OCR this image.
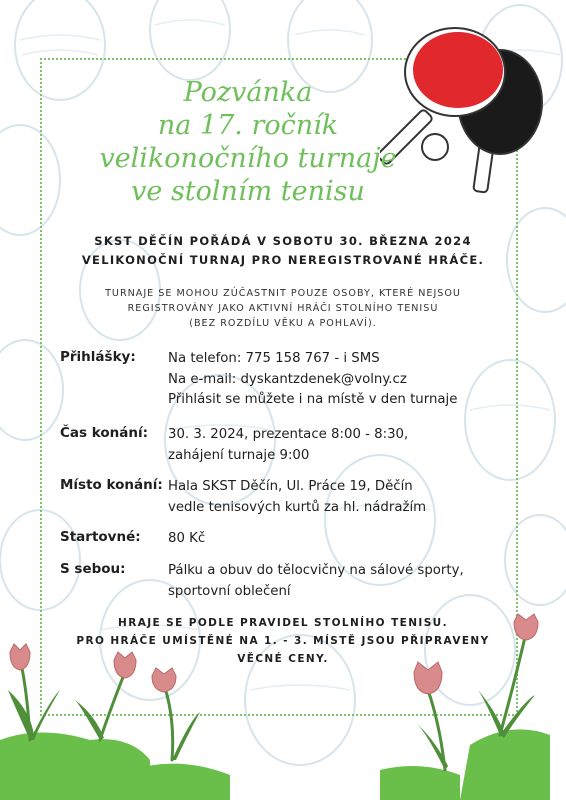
Pozvánka
na 17. ročník
velikonočního turnaje
ve stolním tenisu
SKST DĚČÍN POŘÁDÁ V SOBOTU 30. BŘEZNA 2024
VELIKONOČNÍ TURNAJ PRO NEREGISTROVANÉ HRÁČE.
TURNAJE SE MOHOU ZÚČASTNIT POUZE OSOBY, KTERÉ NEJSOU
REGISTROVÁNY JAKO AKTIVNÍ HRÁČI STOLNÍHO TENISU
(BEZ ROZDÍLU VĚKU A POHLAVÍ).
Přihlášky: Na telefon: 775 158 767 - i SMS
Na e-mail: dyskantzdenek@volny.cz
Přihlásit se můžete i na místě v den turnaje
Čas konání: 30. 3. 2024, prezentace 8:00 - 8:30,
zahájení turnaje 9:00
Místo konání: Hala SKST Děčín, Ul. Práce 19, Děčín
vedle tenisových kurtů za hl. nádražím
Startovné: 80 Kč
S sebou:	Pálku a obuv do tělocvičny na sálové sporty,
sportovní oblečení
HRAJE SE PODLE PRAVIDEL STOLNÍHO TENISU.
PRO HRÁČE UMÍSTĚNÉ NA 1. - 3. MÍSTĚ JSOU PŘIPRAVENY
VĚCNÉ CENY.
